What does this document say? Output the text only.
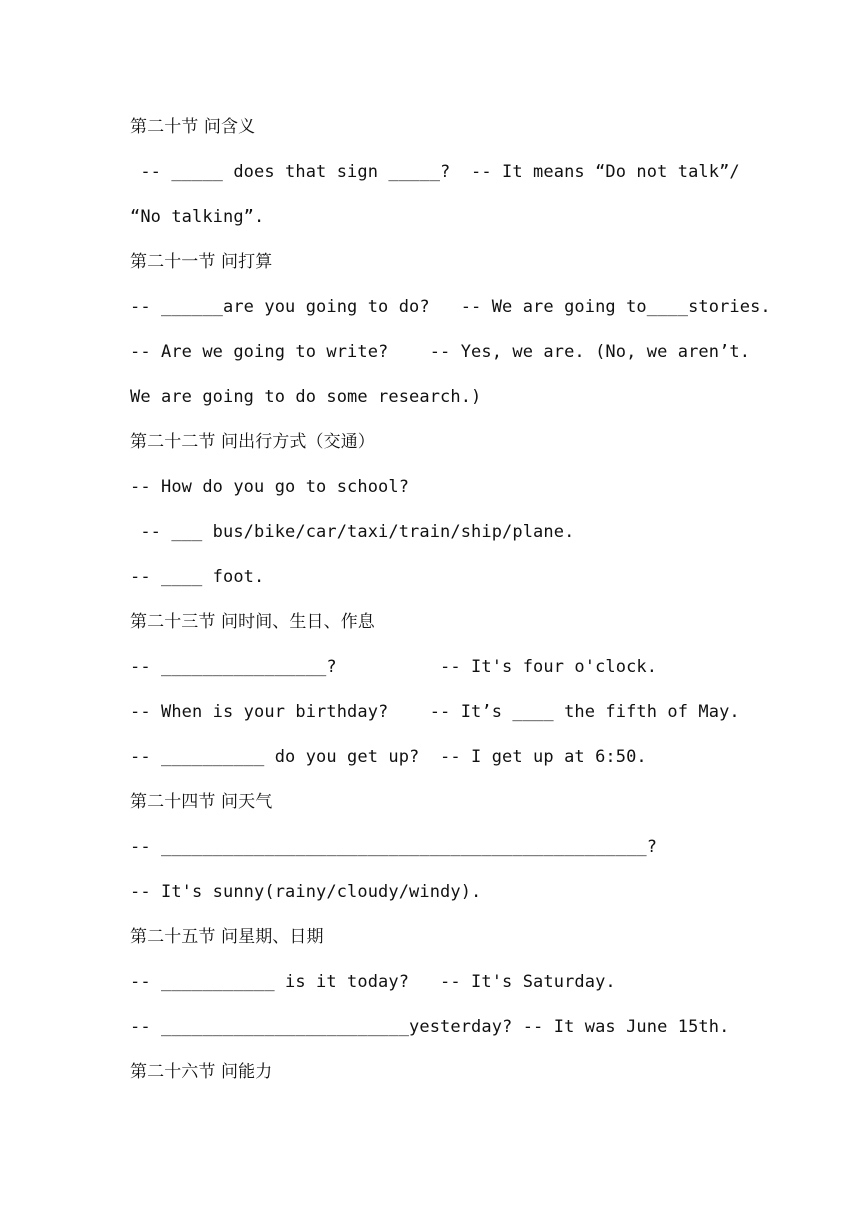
第二十节 问含义
-- _____ does that sign _____?  -- It means “Do not talk”/
“No talking”.
第二十一节 问打算
-- ______are you going to do?   -- We are going to____stories.
-- Are we going to write?    -- Yes, we are. (No, we aren’t.
We are going to do some research.)
第二十二节 问出行方式（交通）
-- How do you go to school?
-- ___ bus/bike/car/taxi/train/ship/plane.
-- ____ foot.
第二十三节 问时间、生日、作息
-- ________________?          -- It's four o'clock.
-- When is your birthday?    -- It’s ____ the fifth of May.
-- __________ do you get up?  -- I get up at 6:50.
第二十四节 问天气
-- _______________________________________________?
-- It's sunny(rainy/cloudy/windy).
第二十五节 问星期、日期
-- ___________ is it today?   -- It's Saturday.
-- ________________________yesterday? -- It was June 15th.
第二十六节 问能力
